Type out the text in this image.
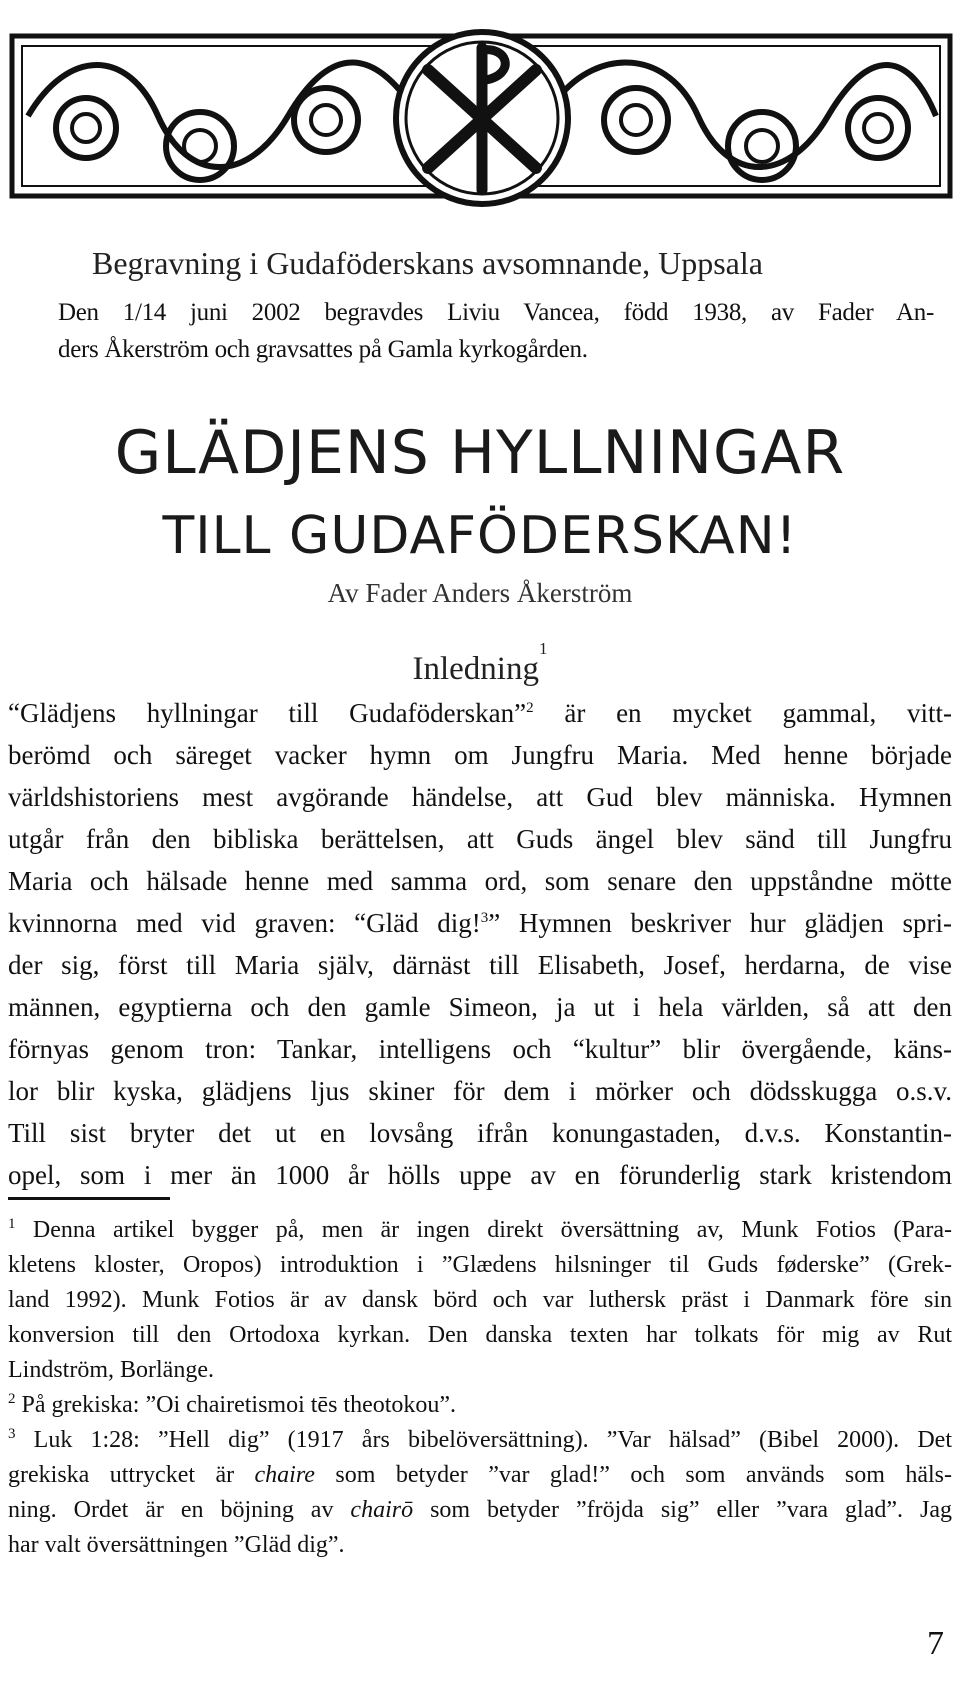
Begravning i Gudaföderskans avsomnande, Uppsala
Den 1/14 juni 2002 begravdes Liviu Vancea, född 1938, av Fader An-
ders Åkerström och gravsattes på Gamla kyrkogården.
GLÄDJENS HYLLNINGAR
TILL GUDAFÖDERSKAN!
Av Fader Anders Åkerström
Inledning$^1$
“Glädjens hyllningar till Gudaföderskan”$^2$ är en mycket gammal, vitt-
berömd och säreget vacker hymn om Jungfru Maria. Med henne började
världshistoriens mest avgörande händelse, att Gud blev människa. Hymnen
utgår från den bibliska berättelsen, att Guds ängel blev sänd till Jungfru
Maria och hälsade henne med samma ord, som senare den uppståndne mötte
kvinnorna med vid graven: “Gläd dig!$^3$” Hymnen beskriver hur glädjen spri-
der sig, först till Maria själv, därnäst till Elisabeth, Josef, herdarna, de vise
männen, egyptierna och den gamle Simeon, ja ut i hela världen, så att den
förnyas genom tron: Tankar, intelligens och “kultur” blir övergående, käns-
lor blir kyska, glädjens ljus skiner för dem i mörker och dödsskugga o.s.v.
Till sist bryter det ut en lovsång ifrån konungastaden, d.v.s. Konstantin-
opel, som i mer än 1000 år hölls uppe av en förunderlig stark kristendom
$^1$ Denna artikel bygger på, men är ingen direkt översättning av, Munk Fotios (Para-
kletens kloster, Oropos) introduktion i ”Glædens hilsninger til Guds føderske” (Grek-
land 1992). Munk Fotios är av dansk börd och var luthersk präst i Danmark före sin
konversion till den Ortodoxa kyrkan. Den danska texten har tolkats för mig av Rut
Lindström, Borlänge.
$^2$ På grekiska: ”Oi chairetismoi tēs theotokou”.
$^3$ Luk 1:28: ”Hell dig” (1917 års bibelöversättning). ”Var hälsad” (Bibel 2000). Det
grekiska uttrycket är chaire som betyder ”var glad!” och som används som häls-
ning. Ordet är en böjning av chairō som betyder ”fröjda sig” eller ”vara glad”. Jag
har valt översättningen ”Gläd dig”.
7
